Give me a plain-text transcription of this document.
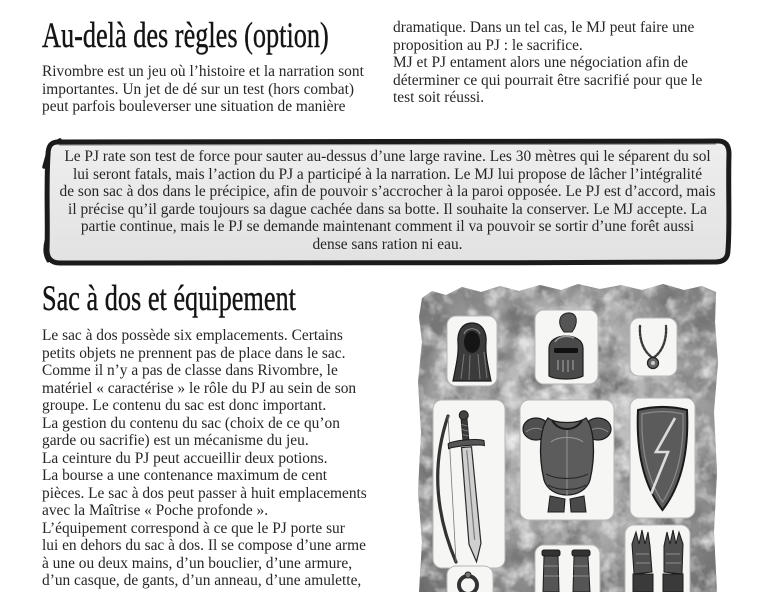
Au-delà des règles (option)

Rivombre est un jeu où l’histoire et la narration sont
importantes. Un jet de dé sur un test (hors combat)
peut parfois bouleverser une situation de manière

dramatique. Dans un tel cas, le MJ peut faire une
proposition au PJ : le sacrifice.

MJ et PJ entament alors une négociation afin de
déterminer ce qui pourrait être sacrifié pour que le
test soit réussi.

Le PJ rate son test de force pour sauter au-dessus d’une large ravine. Les 30 mètres qui le séparent du sol
lui seront fatals, mais l’action du PJ a participé à la narration. Le MJ lui propose de lâcher l’intégralité
de son sac à dos dans le précipice, afin de pouvoir s’accrocher à la paroi opposée. Le PJ est d’accord, mais
il précise qu’il garde toujours sa dague cachée dans sa botte. Il souhaite la conserver. Le MJ accepte. La
partie continue, mais le PJ se demande maintenant comment il va pouvoir se sortir d’une forêt aussi
dense sans ration ni eau.

Sac à dos et équipement

Le sac à dos possède six emplacements. Certains
petits objets ne prennent pas de place dans le sac.

Comme il n’y a pas de classe dans Rivombre, le
matériel « caractérise » le rôle du PJ au sein de son
groupe. Le contenu du sac est donc important.

La gestion du contenu du sac (choix de ce qu’on
garde ou sacrifie) est un mécanisme du jeu.

La ceinture du PJ peut accueillir deux potions.

La bourse a une contenance maximum de cent
pièces. Le sac à dos peut passer à huit emplacements
avec la Maîtrise « Poche profonde ».

L’équipement correspond à ce que le PJ porte sur
lui en dehors du sac à dos. Il se compose d’une arme
à une ou deux mains, d’un bouclier, d’une armure,
d’un casque, de gants, d’un anneau, d’une amulette,
